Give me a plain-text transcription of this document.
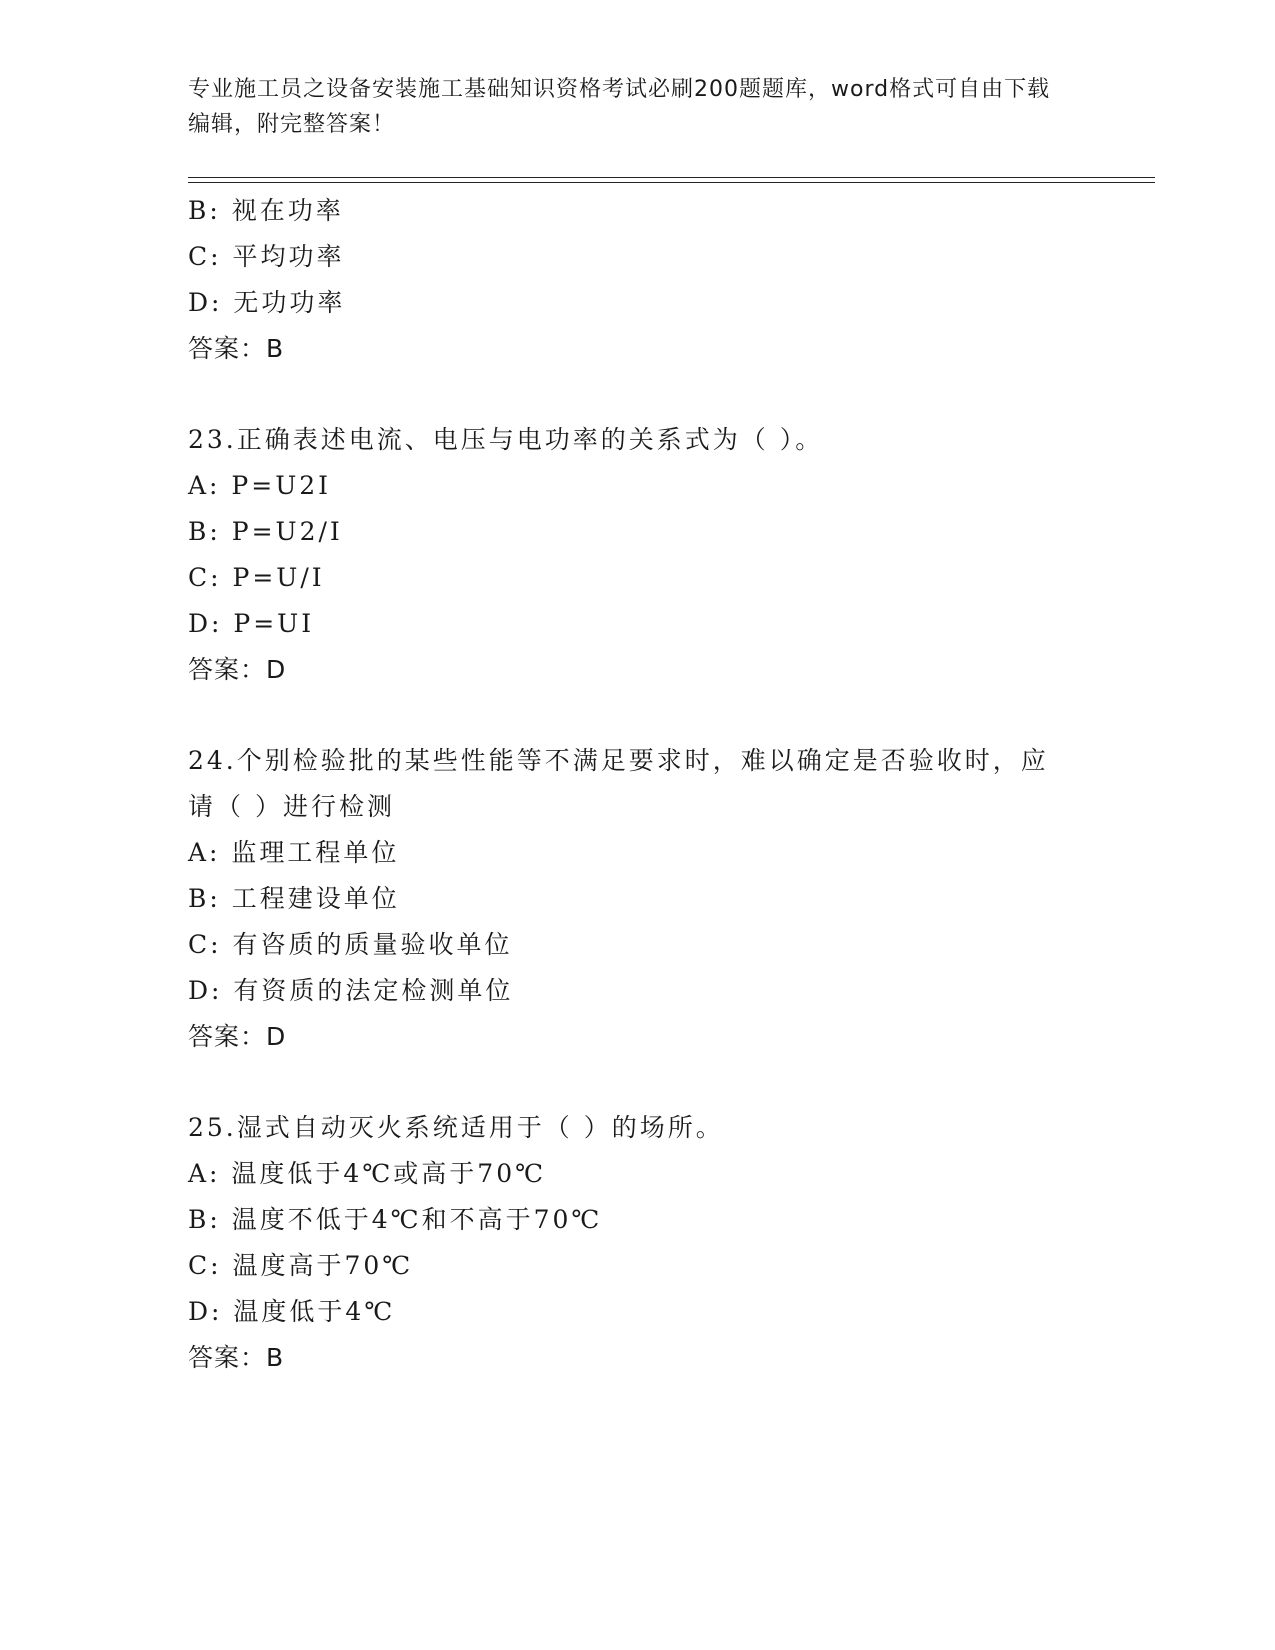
专业施工员之设备安装施工基础知识资格考试必刷200题题库，word格式可自由下载编辑，附完整答案！
B: 视在功率
C: 平均功率
D: 无功功率
答案：B
23.正确表述电流、电压与电功率的关系式为（ ）。
A: P=U2I
B: P=U2/I
C: P=U/I
D: P=UI
答案：D
24.个别检验批的某些性能等不满足要求时，难以确定是否验收时，应请（ ）进行检测
A: 监理工程单位
B: 工程建设单位
C: 有咨质的质量验收单位
D: 有资质的法定检测单位
答案：D
25.湿式自动灭火系统适用于（ ）的场所。
A: 温度低于4℃或高于70℃
B: 温度不低于4℃和不高于70℃
C: 温度高于70℃
D: 温度低于4℃
答案：B
